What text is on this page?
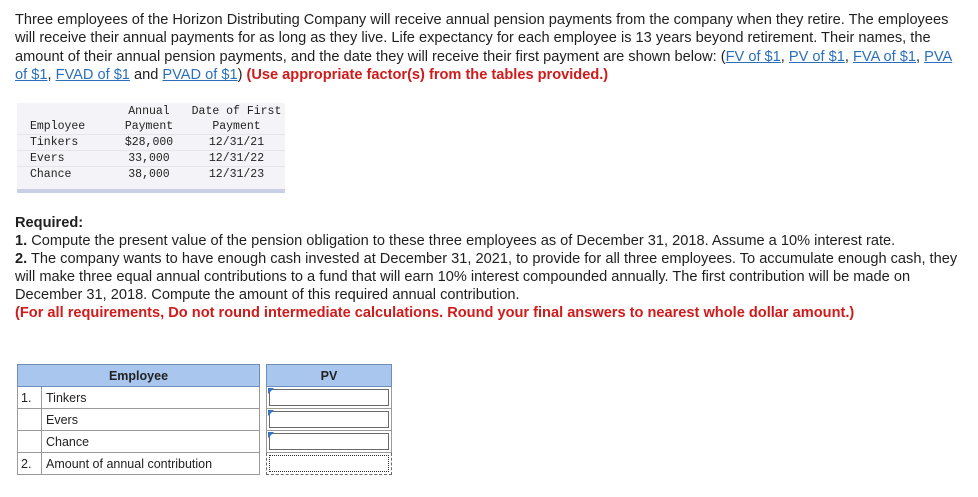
Three employees of the Horizon Distributing Company will receive annual pension payments from the company when they retire. The employees will receive their annual payments for as long as they live. Life expectancy for each employee is 13 years beyond retirement. Their names, the amount of their annual pension payments, and the date they will receive their first payment are shown below: (FV of $1, PV of $1, FVA of $1, PVA of $1, FVAD of $1 and PVAD of $1) (Use appropriate factor(s) from the tables provided.)

	Annual	Date of First
Employee	Payment	Payment
Tinkers	$28,000	12/31/21
Evers	33,000	12/31/22
Chance	38,000	12/31/23

Required:

1. Compute the present value of the pension obligation to these three employees as of December 31, 2018. Assume a 10% interest rate.

2. The company wants to have enough cash invested at December 31, 2021, to provide for all three employees. To accumulate enough cash, they will make three equal annual contributions to a fund that will earn 10% interest compounded annually. The first contribution will be made on December 31, 2018. Compute the amount of this required annual contribution.

(For all requirements, Do not round intermediate calculations. Round your final answers to nearest whole dollar amount.)

Employee			PV
1.	Tinkers		

	Evers		

	Chance		

2.	Amount of annual contribution		
